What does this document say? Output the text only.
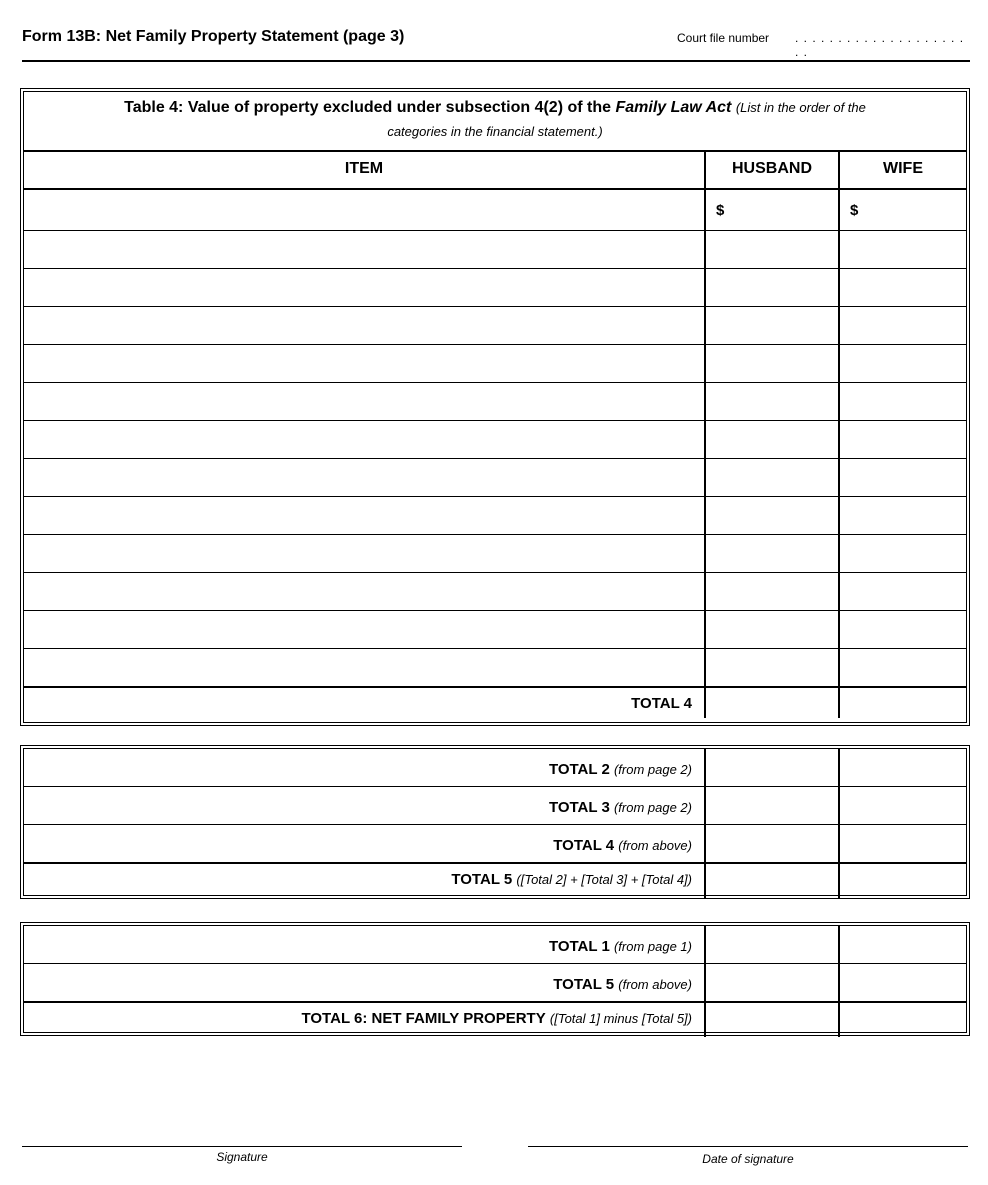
Form 13B: Net Family Property Statement (page 3)	Court file number . . . . . . . . . . . . . . . . . . . . . .
Table 4: Value of property excluded under subsection 4(2) of the Family Law Act (List in the order of the
categories in the financial statement.)
ITEM	HUSBAND	WIFE
$	$
TOTAL 4
TOTAL 2 (from page 2)
TOTAL 3 (from page 2)
TOTAL 4 (from above)
TOTAL 5 ([Total 2] + [Total 3] + [Total 4])
TOTAL 1 (from page 1)
TOTAL 5 (from above)
TOTAL 6: NET FAMILY PROPERTY ([Total 1] minus [Total 5])
Signature	Date of signature
